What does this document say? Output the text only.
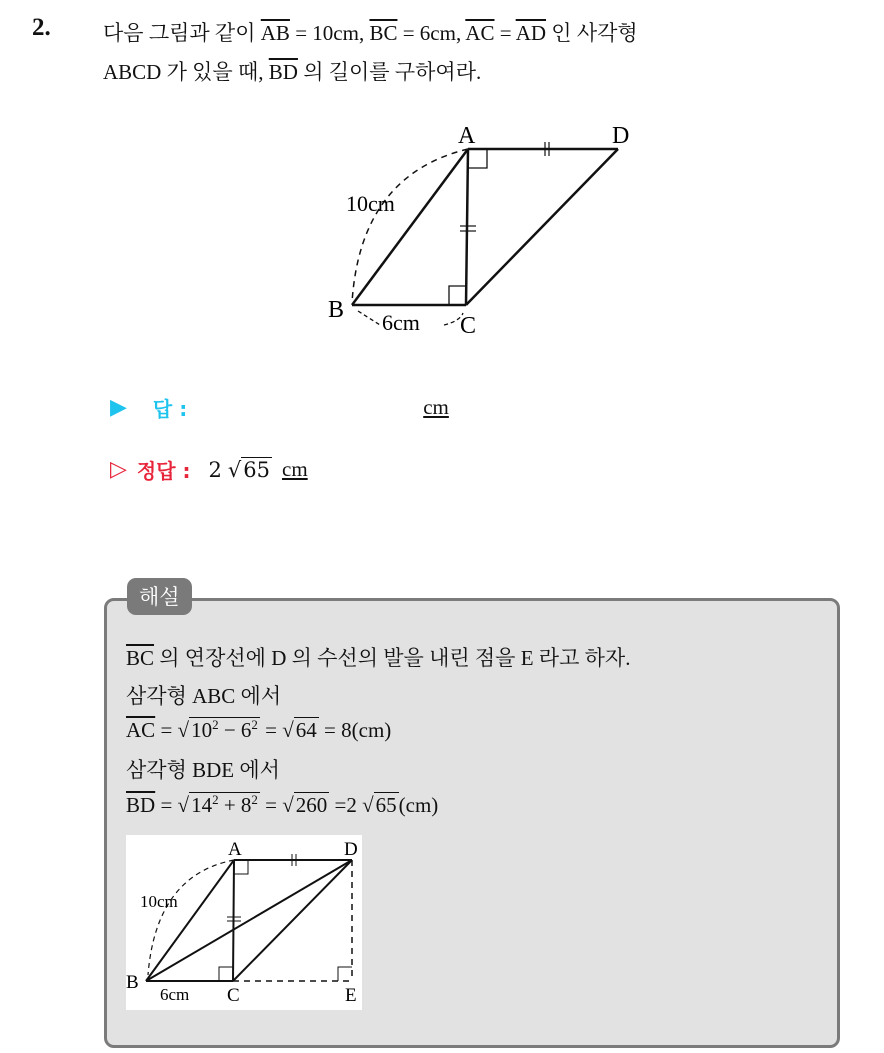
2. 다음 그림과 같이 $\overline{AB} = 10cm$, $\overline{BC} = 6cm$, $\overline{AC} = \overline{AD}$ 인 사각형
ABCD 가 있을 때, $\overline{BD}$ 의 길이를 구하여라.
A
B
C
D
10cm
6cm
▶ 답 :	cm
▷ 정답 : 2 √65 cm
해설
$\overline{BC}$ 의 연장선에 D 의 수선의 발을 내린 점을 E 라고 하자.
삼각형 ABC 에서
$\overline{AC} = √10^2 - 6^2 = √64 = 8(cm)$
삼각형 BDE 에서
$\overline{BD} = √14^2 + 8^2 = √260 =2$ √65(cm)
A
B
C
D
E
10cm
6cm
